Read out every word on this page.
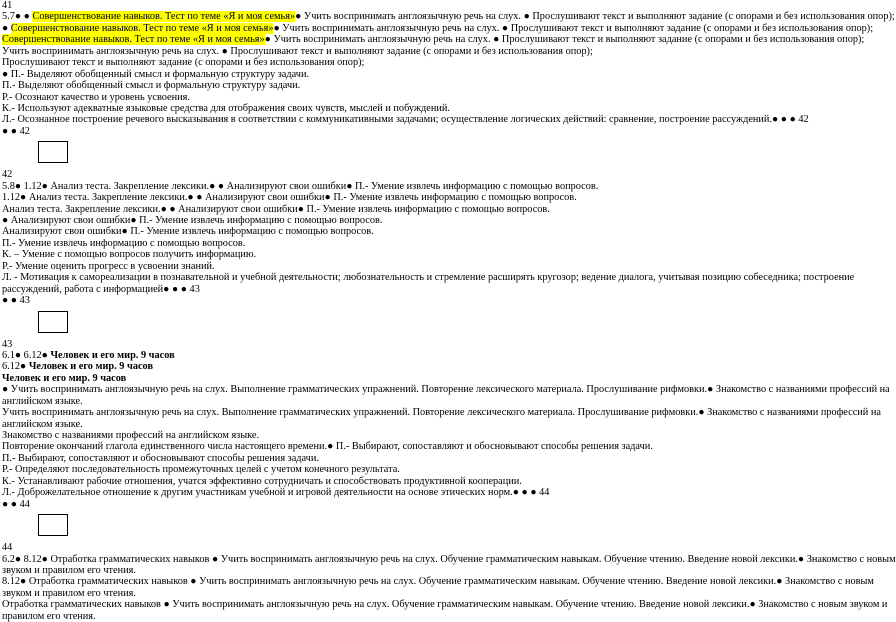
41
5.7● ● Совершенствование навыков. Тест по теме «Я и моя семья»● Учить воспринимать англоязычную речь на слух. ● Прослушивают текст и выполняют задание (с опорами и без использования опор);
● Совершенствование навыков. Тест по теме «Я и моя семья»● Учить воспринимать англоязычную речь на слух. ● Прослушивают текст и выполняют задание (с опорами и без использования опор);
Совершенствование навыков. Тест по теме «Я и моя семья»● Учить воспринимать англоязычную речь на слух. ● Прослушивают текст и выполняют задание (с опорами и без использования опор);
Учить воспринимать англоязычную речь на слух. ● Прослушивают текст и выполняют задание (с опорами и без использования опор);
Прослушивают текст и выполняют задание (с опорами и без использования опор);
● П.- Выделяют обобщенный смысл и формальную структуру задачи.
П.- Выделяют обобщенный смысл и формальную структуру задачи.
Р.- Осознают качество и уровень усвоения.
К.- Используют адекватные языковые средства для отображения своих чувств, мыслей и побуждений.
Л.- Осознанное построение речевого высказывания в соответствии с коммуникативными задачами; осуществление логических действий: сравнение, построение рассуждений.● ● ● 42
● ● 42
42
5.8● 1.12● Анализ теста. Закрепление лексики.● ● Анализируют свои ошибки● П.- Умение извлечь информацию с помощью вопросов.
1.12● Анализ теста. Закрепление лексики.● ● Анализируют свои ошибки● П.- Умение извлечь информацию с помощью вопросов.
Анализ теста. Закрепление лексики.● ● Анализируют свои ошибки● П.- Умение извлечь информацию с помощью вопросов.
● Анализируют свои ошибки● П.- Умение извлечь информацию с помощью вопросов.
Анализируют свои ошибки● П.- Умение извлечь информацию с помощью вопросов.
П.- Умение извлечь информацию с помощью вопросов.
К. – Умение с помощью вопросов получить информацию.
Р.- Умение оценить прогресс в усвоении знаний.
Л. - Мотивация к самореализации в познавательной и учебной деятельности; любознательность и стремление расширять кругозор; ведение диалога, учитывая позицию собеседника; построение
рассуждений, работа с информацией● ● ● 43
● ● 43
43
6.1● 6.12● Человек и его мир. 9 часов
6.12● Человек и его мир. 9 часов
Человек и его мир. 9 часов
● Учить воспринимать англоязычную речь на слух. Выполнение грамматических упражнений. Повторение лексического материала. Прослушивание рифмовки.● Знакомство с названиями профессий на
английском языке.
Учить воспринимать англоязычную речь на слух. Выполнение грамматических упражнений. Повторение лексического материала. Прослушивание рифмовки.● Знакомство с названиями профессий на
английском языке.
Знакомство с названиями профессий на английском языке.
Повторение окончаний глагола единственного числа настоящего времени.● П.- Выбирают, сопоставляют и обосновывают способы решения задачи.
П.- Выбирают, сопоставляют и обосновывают способы решения задачи.
Р.- Определяют последовательность промежуточных целей с учетом конечного результата.
К.- Устанавливают рабочие отношения, учатся эффективно сотрудничать и способствовать продуктивной кооперации.
Л.- Доброжелательное отношение к другим участникам учебной и игровой деятельности на основе этических норм.● ● ● 44
● ● 44
44
6.2● 8.12● Отработка грамматических навыков ● Учить воспринимать англоязычную речь на слух. Обучение грамматическим навыкам. Обучение чтению. Введение новой лексики.● Знакомство с новым
звуком и правилом его чтения.
8.12● Отработка грамматических навыков ● Учить воспринимать англоязычную речь на слух. Обучение грамматическим навыкам. Обучение чтению. Введение новой лексики.● Знакомство с новым
звуком и правилом его чтения.
Отработка грамматических навыков ● Учить воспринимать англоязычную речь на слух. Обучение грамматическим навыкам. Обучение чтению. Введение новой лексики.● Знакомство с новым звуком и
правилом его чтения.
